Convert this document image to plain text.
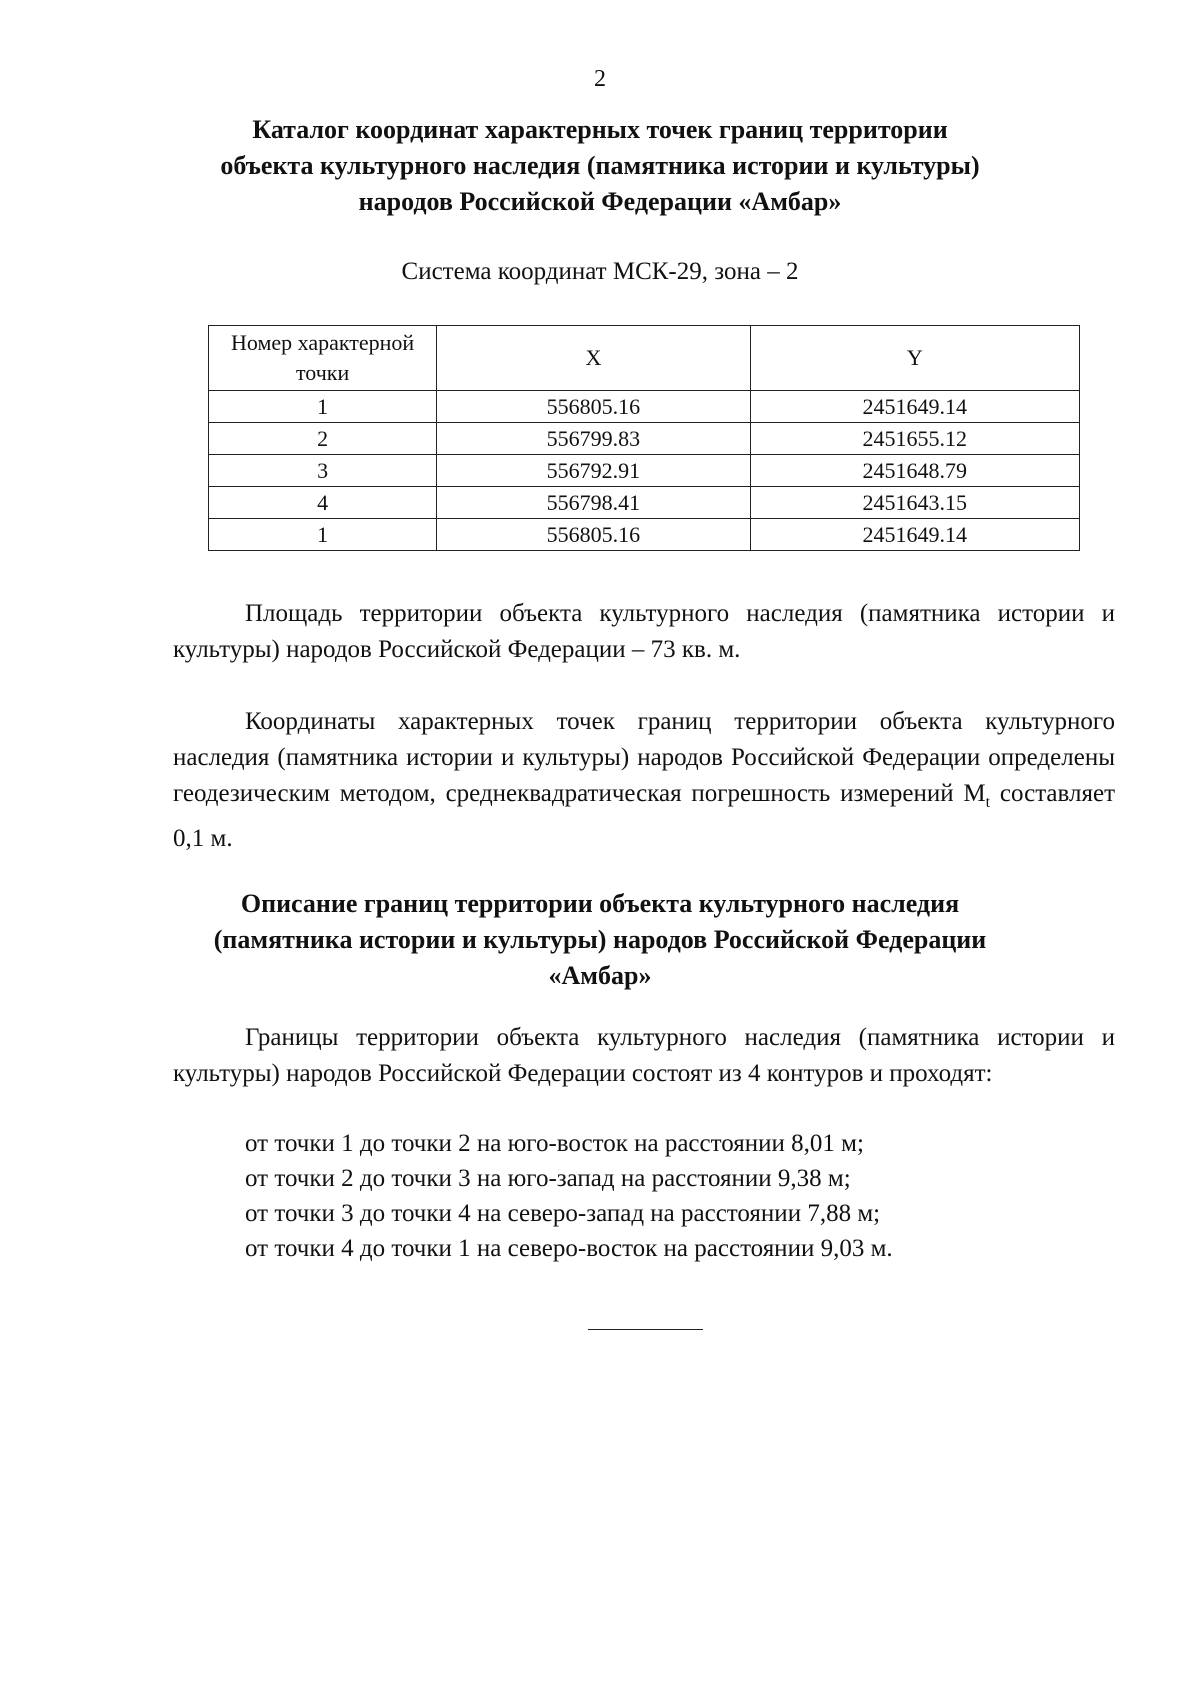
2
Каталог координат характерных точек границ территории
объекта культурного наследия (памятника истории и культуры)
народов Российской Федерации «Амбар»
Система координат МСК-29, зона – 2
Номер характерной точки	X	Y
1	556805.16	2451649.14
2	556799.83	2451655.12
3	556792.91	2451648.79
4	556798.41	2451643.15
1	556805.16	2451649.14
Площадь территории объекта культурного наследия (памятника истории и культуры) народов Российской Федерации – 73 кв. м.
Координаты характерных точек границ территории объекта культурного наследия (памятника истории и культуры) народов Российской Федерации определены геодезическим методом, среднеквадратическая погрешность измерений $M_t$ составляет 0,1 м.
Описание границ территории объекта культурного наследия
(памятника истории и культуры) народов Российской Федерации
«Амбар»
Границы территории объекта культурного наследия (памятника истории и культуры) народов Российской Федерации состоят из 4 контуров и проходят:
от точки 1 до точки 2 на юго-восток на расстоянии 8,01 м;
от точки 2 до точки 3 на юго-запад на расстоянии 9,38 м;
от точки 3 до точки 4 на северо-запад на расстоянии 7,88 м;
от точки 4 до точки 1 на северо-восток на расстоянии 9,03 м.
